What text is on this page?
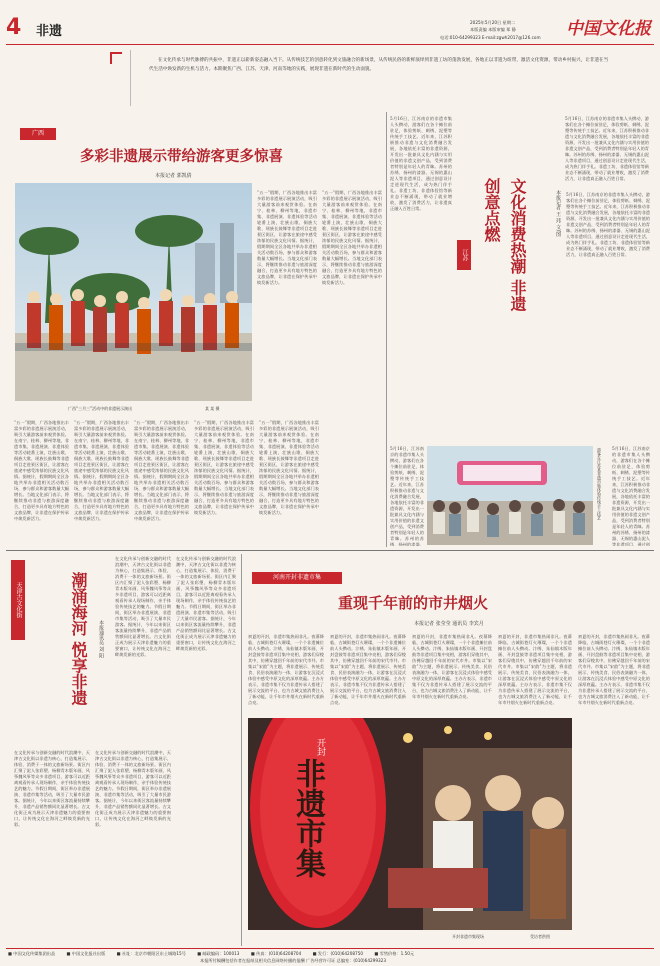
4 非遗
2025年5月20日 星期二
本版责编 本版审编 郑 静
电话:010-64299323 E-mail:zgwh2017@126.com 中国文化报
在文化传承与时代脉搏的共振中，非遗正以崭新姿态融入当下。从传统技艺的创意转化到文旅融合的新场景，从传统民俗的新鲜演绎到非遗工坊的蓬勃发展，各地正以非遗为纽带，激活文化资源，带动乡村振兴，让非遗在当代生活中焕发新的生机与活力。本期聚焦广西、江苏、天津、河南等地的实践，展现非遗在新时代的生动面貌。
广西
多彩非遗展示带给游客更多惊喜
本报记者 郭凯倩
广西“三月三”活动中的非遗展示演出	某 某 摄
“五一”假期，广西各地推出丰富多彩的非遗展示展演活动，吸引大量游客前来观赏体验。在南宁、桂林、柳州等地，非遗市集、非遗展演、非遗体验等活动轮番上演，壮族山歌、侗族大歌、瑶族长鼓舞等非遗项目走进景区街区，让游客在旅途中感受浓郁的民族文化风情。据统计，假期期间全区各地共举办非遗相关活动数百场，参与群众和游客数量大幅增长。当地文化部门表示，将继续推动非遗与旅游深度融合，打造更多具有地方特色的文旅品牌，让非遗在保护传承中焕发新活力。
“五一”假期，广西各地推出丰富多彩的非遗展示展演活动，吸引大量游客前来观赏体验。在南宁、桂林、柳州等地，非遗市集、非遗展演、非遗体验等活动轮番上演，壮族山歌、侗族大歌、瑶族长鼓舞等非遗项目走进景区街区，让游客在旅途中感受浓郁的民族文化风情。据统计，假期期间全区各地共举办非遗相关活动数百场，参与群众和游客数量大幅增长。当地文化部门表示，将继续推动非遗与旅游深度融合，打造更多具有地方特色的文旅品牌，让非遗在保护传承中焕发新活力。
“五一”假期，广西各地推出丰富多彩的非遗展示展演活动，吸引大量游客前来观赏体验。在南宁、桂林、柳州等地，非遗市集、非遗展演、非遗体验等活动轮番上演，壮族山歌、侗族大歌、瑶族长鼓舞等非遗项目走进景区街区，让游客在旅途中感受浓郁的民族文化风情。据统计，假期期间全区各地共举办非遗相关活动数百场，参与群众和游客数量大幅增长。当地文化部门表示，将继续推动非遗与旅游深度融合，打造更多具有地方特色的文旅品牌，让非遗在保护传承中焕发新活力。
“五一”假期，广西各地推出丰富多彩的非遗展示展演活动，吸引大量游客前来观赏体验。在南宁、桂林、柳州等地，非遗市集、非遗展演、非遗体验等活动轮番上演，壮族山歌、侗族大歌、瑶族长鼓舞等非遗项目走进景区街区，让游客在旅途中感受浓郁的民族文化风情。据统计，假期期间全区各地共举办非遗相关活动数百场，参与群众和游客数量大幅增长。当地文化部门表示，将继续推动非遗与旅游深度融合，打造更多具有地方特色的文旅品牌，让非遗在保护传承中焕发新活力。
“五一”假期，广西各地推出丰富多彩的非遗展示展演活动，吸引大量游客前来观赏体验。在南宁、桂林、柳州等地，非遗市集、非遗展演、非遗体验等活动轮番上演，壮族山歌、侗族大歌、瑶族长鼓舞等非遗项目走进景区街区，让游客在旅途中感受浓郁的民族文化风情。据统计，假期期间全区各地共举办非遗相关活动数百场，参与群众和游客数量大幅增长。当地文化部门表示，将继续推动非遗与旅游深度融合，打造更多具有地方特色的文旅品牌，让非遗在保护传承中焕发新活力。
“五一”假期，广西各地推出丰富多彩的非遗展示展演活动，吸引大量游客前来观赏体验。在南宁、桂林、柳州等地，非遗市集、非遗展演、非遗体验等活动轮番上演，壮族山歌、侗族大歌、瑶族长鼓舞等非遗项目走进景区街区，让游客在旅途中感受浓郁的民族文化风情。据统计，假期期间全区各地共举办非遗相关活动数百场，参与群众和游客数量大幅增长。当地文化部门表示，将继续推动非遗与旅游深度融合，打造更多具有地方特色的文旅品牌，让非遗在保护传承中焕发新活力。
“五一”假期，广西各地推出丰富多彩的非遗展示展演活动，吸引大量游客前来观赏体验。在南宁、桂林、柳州等地，非遗市集、非遗展演、非遗体验等活动轮番上演，壮族山歌、侗族大歌、瑶族长鼓舞等非遗项目走进景区街区，让游客在旅途中感受浓郁的民族文化风情。据统计，假期期间全区各地共举办非遗相关活动数百场，参与群众和游客数量大幅增长。当地文化部门表示，将继续推动非遗与旅游深度融合，打造更多具有地方特色的文旅品牌，让非遗在保护传承中焕发新活力。
5月16日，江苏南京的非遗市集人头攒动，游客们在各个摊位前驻足，体验剪纸、刺绣、泥塑等传统手工技艺。近年来，江苏积极推动非遗与文化消费融合发展，各地依托丰富的非遗资源，开发出一批兼具文化内涵与实用价值的非遗文创产品，受到消费者特别是年轻人的青睐。苏州的苏绣、扬州的漆器、无锡的惠山泥人等非遗项目，通过创意设计走进现代生活，成为热门伴手礼。非遗工坊、非遗体验馆等新业态不断涌现，带动了就业增收，激发了消费活力，让非遗真正融入百姓日常。
江苏	文化消费热潮 非遗创意点燃	本报记者 王 玮 文/图
5月16日，江苏南京的非遗市集人头攒动，游客们在各个摊位前驻足，体验剪纸、刺绣、泥塑等传统手工技艺。近年来，江苏积极推动非遗与文化消费融合发展，各地依托丰富的非遗资源，开发出一批兼具文化内涵与实用价值的非遗文创产品，受到消费者特别是年轻人的青睐。苏州的苏绣、扬州的漆器、无锡的惠山泥人等非遗项目，通过创意设计走进现代生活，成为热门伴手礼。非遗工坊、非遗体验馆等新业态不断涌现，带动了就业增收，激发了消费活力，让非遗真正融入百姓日常。
5月16日，江苏南京的非遗市集人头攒动，游客们在各个摊位前驻足，体验剪纸、刺绣、泥塑等传统手工技艺。近年来，江苏积极推动非遗与文化消费融合发展，各地依托丰富的非遗资源，开发出一批兼具文化内涵与实用价值的非遗文创产品，受到消费者特别是年轻人的青睐。苏州的苏绣、扬州的漆器、无锡的惠山泥人等非遗项目，通过创意设计走进现代生活，成为热门伴手礼。非遗工坊、非遗体验馆等新业态不断涌现，带动了就业增收，激发了消费活力，让非遗真正融入百姓日常。
游客在江苏某非遗市集体验传统手工技艺
5月16日，江苏南京的非遗市集人头攒动，游客们在各个摊位前驻足，体验剪纸、刺绣、泥塑等传统手工技艺。近年来，江苏积极推动非遗与文化消费融合发展，各地依托丰富的非遗资源，开发出一批兼具文化内涵与实用价值的非遗文创产品，受到消费者特别是年轻人的青睐。苏州的苏绣、扬州的漆器、
5月16日，江苏南京的非遗市集人头攒动，游客们在各个摊位前驻足，体验剪纸、刺绣、泥塑等传统手工技艺。近年来，江苏积极推动非遗与文化消费融合发展，各地依托丰富的非遗资源，开发出一批兼具文化内涵与实用价值的非遗文创产品，受到消费者特别是年轻人的青睐。苏州的苏绣、扬州的漆器、无锡的惠山泥人等非遗项目，通过创
天津古文化街	潮涌海河 悦享非遗	本报通讯员 刘 阳
在文化传承与创新交融的时代浪潮中，天津古文化街以非遗为核心，打造集展示、体验、消费于一体的文旅新场景。街区内汇聚了泥人张彩塑、杨柳青木版年画、风筝魏风筝等众多非遗项目，游客可以近距离观看传承人现场制作，亲手体验传统技艺的魅力。节假日期间，街区举办非遗展演、非遗市集等活动，吸引了大量市民游客。据统计，今年以来街区客流量持续攀升，非遗产品销售额同比显著增长。古文化街正成为展示天津非遗魅力的重要窗口，让传统文化在海河之畔焕发新的光彩。
在文化传承与创新交融的时代浪潮中，天津古文化街以非遗为核心，打造集展示、体验、消费于一体的文旅新场景。街区内汇聚了泥人张彩塑、杨柳青木版年画、风筝魏风筝等众多非遗项目，游客可以近距离观看传承人现场制作，亲手体验传统技艺的魅力。节假日期间，街区举办非遗展演、非遗市集等活动，吸引了大量市民游客。据统计，今年以来街区客流量持续攀升，非遗产品销售额同比显著增长。古文化街正成为展示天津非遗魅力的重要窗口，让传统文化在海河之畔焕发新的光彩。
在文化传承与创新交融的时代浪潮中，天津古文化街以非遗为核心，打造集展示、体验、消费于一体的文旅新场景。街区内汇聚了泥人张彩塑、杨柳青木版年画、风筝魏风筝等众多非遗项目，游客可以近距离观看传承人现场制作，亲手体验传统技艺的魅力。节假日期间，街区举办非遗展演、非遗市集等活动，吸引了大量市民游客。据统计，今年以来街区客流量持续攀升，非遗产品销售额同比显著增长。古文化街正成为展示天津非遗魅力的重要窗口，让传统文化在海河之畔焕发新的光彩。
在文化传承与创新交融的时代浪潮中，天津古文化街以非遗为核心，打造集展示、体验、消费于一体的文旅新场景。街区内汇聚了泥人张彩塑、杨柳青木版年画、风筝魏风筝等众多非遗项目，游客可以近距离观看传承人现场制作，亲手体验传统技艺的魅力。节假日期间，街区举办非遗展演、非遗市集等活动，吸引了大量市民游客。据统计，今年以来街区客流量持续攀升，非遗产品销售额同比显著增长。古文化街正成为展示天津非遗魅力的重要窗口，让传统文化在海河之畔焕发新的光彩。
河南开封非遗市集
重现千年前的市井烟火
本报记者 张莹莹 通讯员 李宾月
初夏的开封，非遗市集热闹非凡。夜幕降临，古城街巷灯火璀璨，一个个非遗摊位前人头攒动。汴绣、朱仙镇木版年画、开封盘鼓等非遗项目集中亮相，游客们穿梭其中，仿佛穿越回千年前的宋代市井。市集以“宋韵”为主题，将非遗展示、传统美食、民俗表演融为一体，让游客在沉浸式体验中感受中原文化的深厚底蕴。主办方表示，非遗市集不仅为非遗传承人搭建了展示交流的平台，也为古城文旅消费注入了新动能，让千年市井烟火在新时代重新点亮。
初夏的开封，非遗市集热闹非凡。夜幕降临，古城街巷灯火璀璨，一个个非遗摊位前人头攒动。汴绣、朱仙镇木版年画、开封盘鼓等非遗项目集中亮相，游客们穿梭其中，仿佛穿越回千年前的宋代市井。市集以“宋韵”为主题，将非遗展示、传统美食、民俗表演融为一体，让游客在沉浸式体验中感受中原文化的深厚底蕴。主办方表示，非遗市集不仅为非遗传承人搭建了展示交流的平台，也为古城文旅消费注入了新动能，让千年市井烟火在新时代重新点亮。
初夏的开封，非遗市集热闹非凡。夜幕降临，古城街巷灯火璀璨，一个个非遗摊位前人头攒动。汴绣、朱仙镇木版年画、开封盘鼓等非遗项目集中亮相，游客们穿梭其中，仿佛穿越回千年前的宋代市井。市集以“宋韵”为主题，将非遗展示、传统美食、民俗表演融为一体，让游客在沉浸式体验中感受中原文化的深厚底蕴。主办方表示，非遗市集不仅为非遗传承人搭建了展示交流的平台，也为古城文旅消费注入了新动能，让千年市井烟火在新时代重新点亮。
初夏的开封，非遗市集热闹非凡。夜幕降临，古城街巷灯火璀璨，一个个非遗摊位前人头攒动。汴绣、朱仙镇木版年画、开封盘鼓等非遗项目集中亮相，游客们穿梭其中，仿佛穿越回千年前的宋代市井。市集以“宋韵”为主题，将非遗展示、传统美食、民俗表演融为一体，让游客在沉浸式体验中感受中原文化的深厚底蕴。主办方表示，非遗市集不仅为非遗传承人搭建了展示交流的平台，也为古城文旅消费注入了新动能，让千年市井烟火在新时代重新点亮。
初夏的开封，非遗市集热闹非凡。夜幕降临，古城街巷灯火璀璨，一个个非遗摊位前人头攒动。汴绣、朱仙镇木版年画、开封盘鼓等非遗项目集中亮相，游客们穿梭其中，仿佛穿越回千年前的宋代市井。市集以“宋韵”为主题，将非遗展示、传统美食、民俗表演融为一体，让游客在沉浸式体验中感受中原文化的深厚底蕴。主办方表示，非遗市集不仅为非遗传承人搭建了展示交流的平台，也为古城文旅消费注入了新动能，让千年市井烟火在新时代重新点亮。
开封
非遗市集
开封非遗市集现场	受访者供图
■ 中国文化传媒集团出品	■ 中国文化报社出版	■ 社址：北京市朝阳区东土城路15号	■ 邮政编码：100013	■ 传真：(010)64208704	■ 发行：(010)64208750	■ 零售价格：1.50元
本报所付稿酬包括作者在报纸及相关信息网络传播的报酬 广告经营许可证 总编室：(010)64299323
